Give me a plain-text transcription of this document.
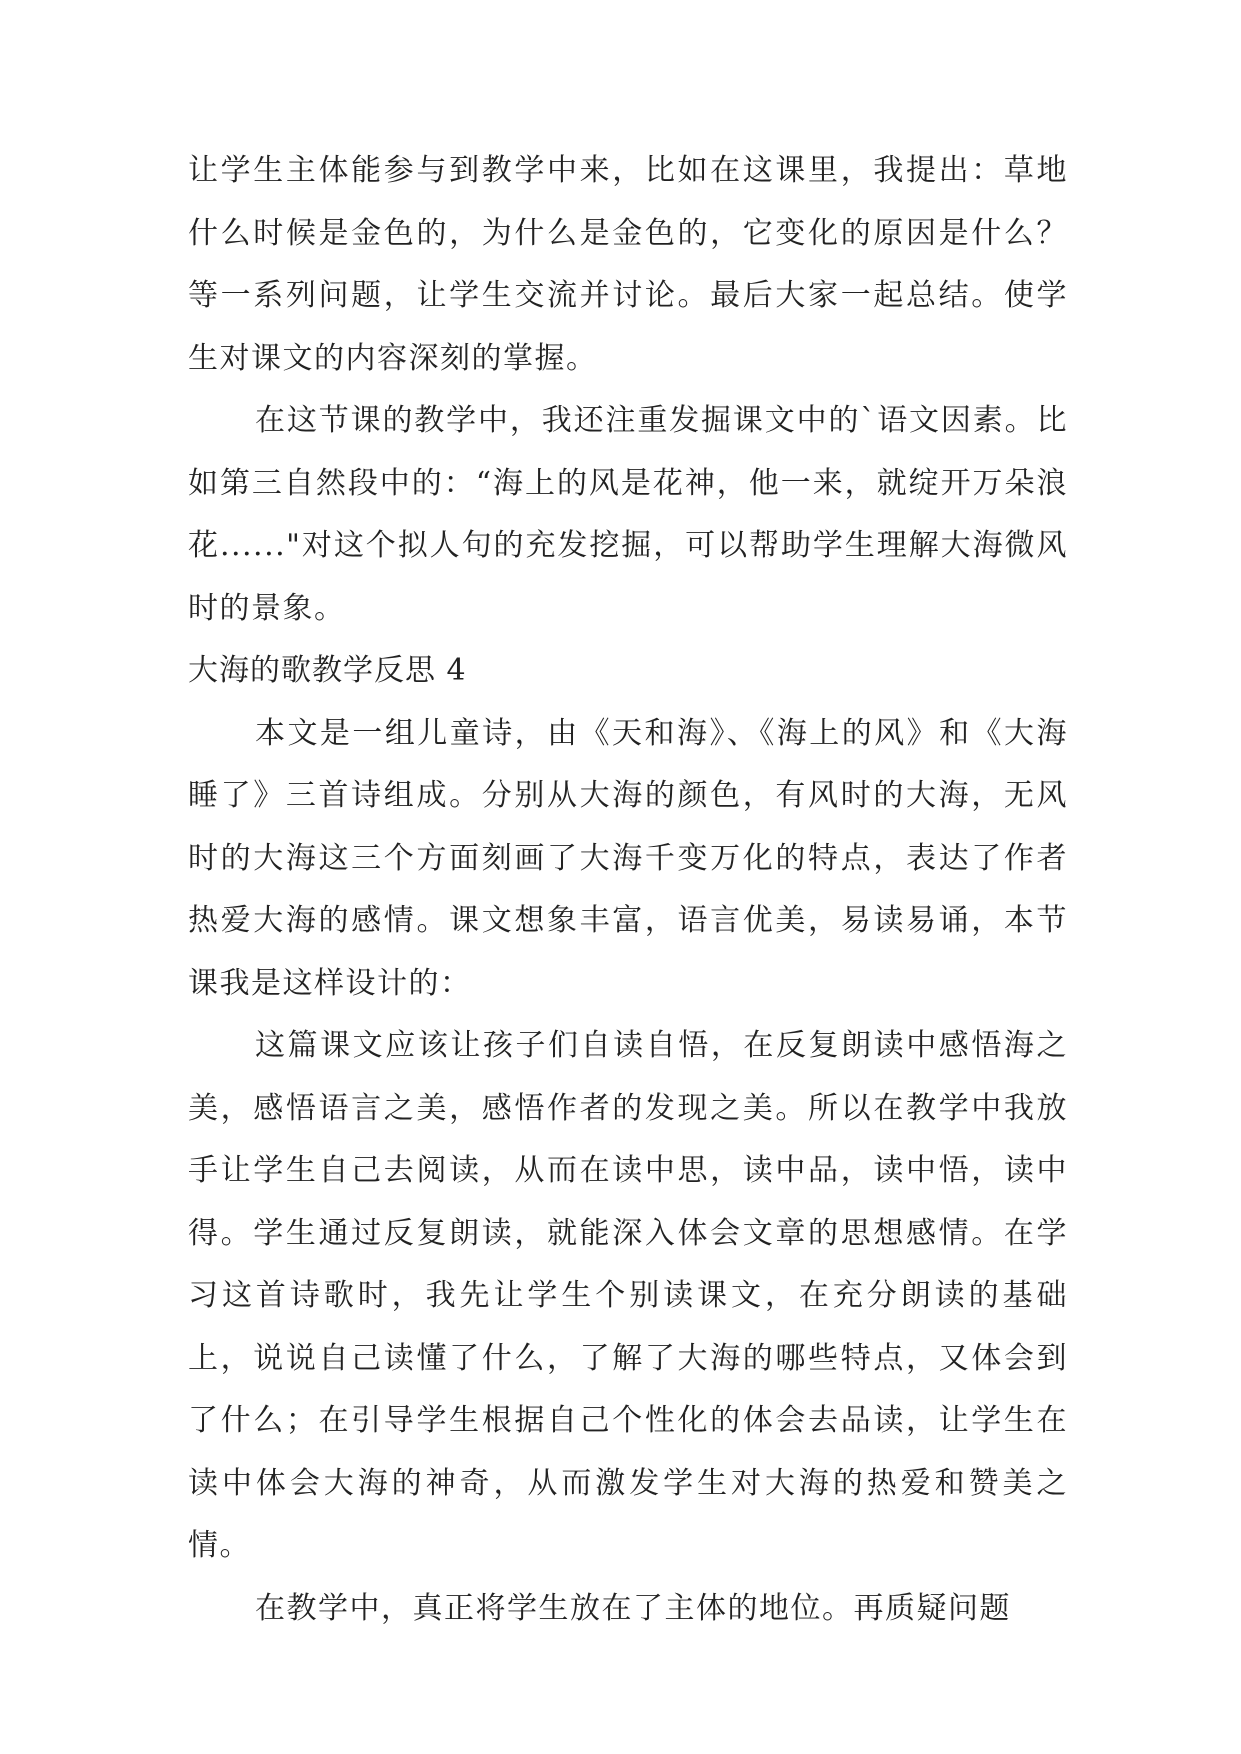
让学生主体能参与到教学中来，比如在这课里，我提出：草地什么时候是金色的，为什么是金色的，它变化的原因是什么？等一系列问题，让学生交流并讨论。最后大家一起总结。使学生对课文的内容深刻的掌握。

在这节课的教学中，我还注重发掘课文中的`语文因素。比如第三自然段中的：“海上的风是花神，他一来，就绽开万朵浪花......"对这个拟人句的充发挖掘，可以帮助学生理解大海微风时的景象。

大海的歌教学反思 4

本文是一组儿童诗，由《天和海》、《海上的风》和《大海睡了》三首诗组成。分别从大海的颜色，有风时的大海，无风时的大海这三个方面刻画了大海千变万化的特点，表达了作者热爱大海的感情。课文想象丰富，语言优美，易读易诵，本节课我是这样设计的：

这篇课文应该让孩子们自读自悟，在反复朗读中感悟海之美，感悟语言之美，感悟作者的发现之美。所以在教学中我放手让学生自己去阅读，从而在读中思，读中品，读中悟，读中得。学生通过反复朗读，就能深入体会文章的思想感情。在学习这首诗歌时，我先让学生个别读课文，在充分朗读的基础上，说说自己读懂了什么，了解了大海的哪些特点，又体会到了什么；在引导学生根据自己个性化的体会去品读，让学生在读中体会大海的神奇，从而激发学生对大海的热爱和赞美之情。

在教学中，真正将学生放在了主体的地位。再质疑问题
